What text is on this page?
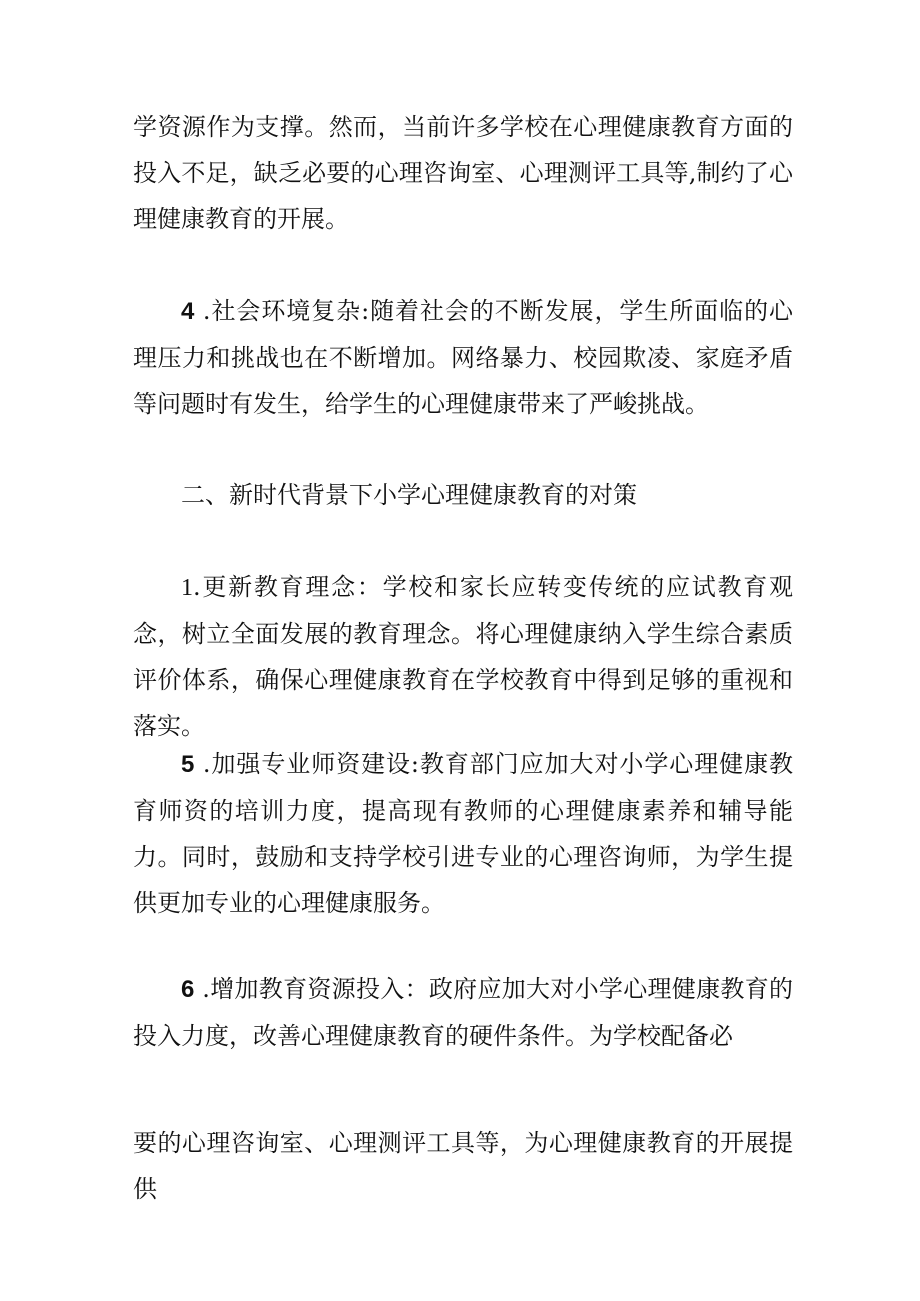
学资源作为支撑。然而，当前许多学校在心理健康教育方面的投入不足，缺乏必要的心理咨询室、心理测评工具等,制约了心理健康教育的开展。

4 .社会环境复杂:随着社会的不断发展，学生所面临的心理压力和挑战也在不断增加。网络暴力、校园欺凌、家庭矛盾等问题时有发生，给学生的心理健康带来了严峻挑战。

二、新时代背景下小学心理健康教育的对策

1.更新教育理念：学校和家长应转变传统的应试教育观念，树立全面发展的教育理念。将心理健康纳入学生综合素质评价体系，确保心理健康教育在学校教育中得到足够的重视和落实。

5 .加强专业师资建设:教育部门应加大对小学心理健康教育师资的培训力度，提高现有教师的心理健康素养和辅导能力。同时，鼓励和支持学校引进专业的心理咨询师，为学生提供更加专业的心理健康服务。

6 .增加教育资源投入：政府应加大对小学心理健康教育的投入力度，改善心理健康教育的硬件条件。为学校配备必

要的心理咨询室、心理测评工具等，为心理健康教育的开展提供
